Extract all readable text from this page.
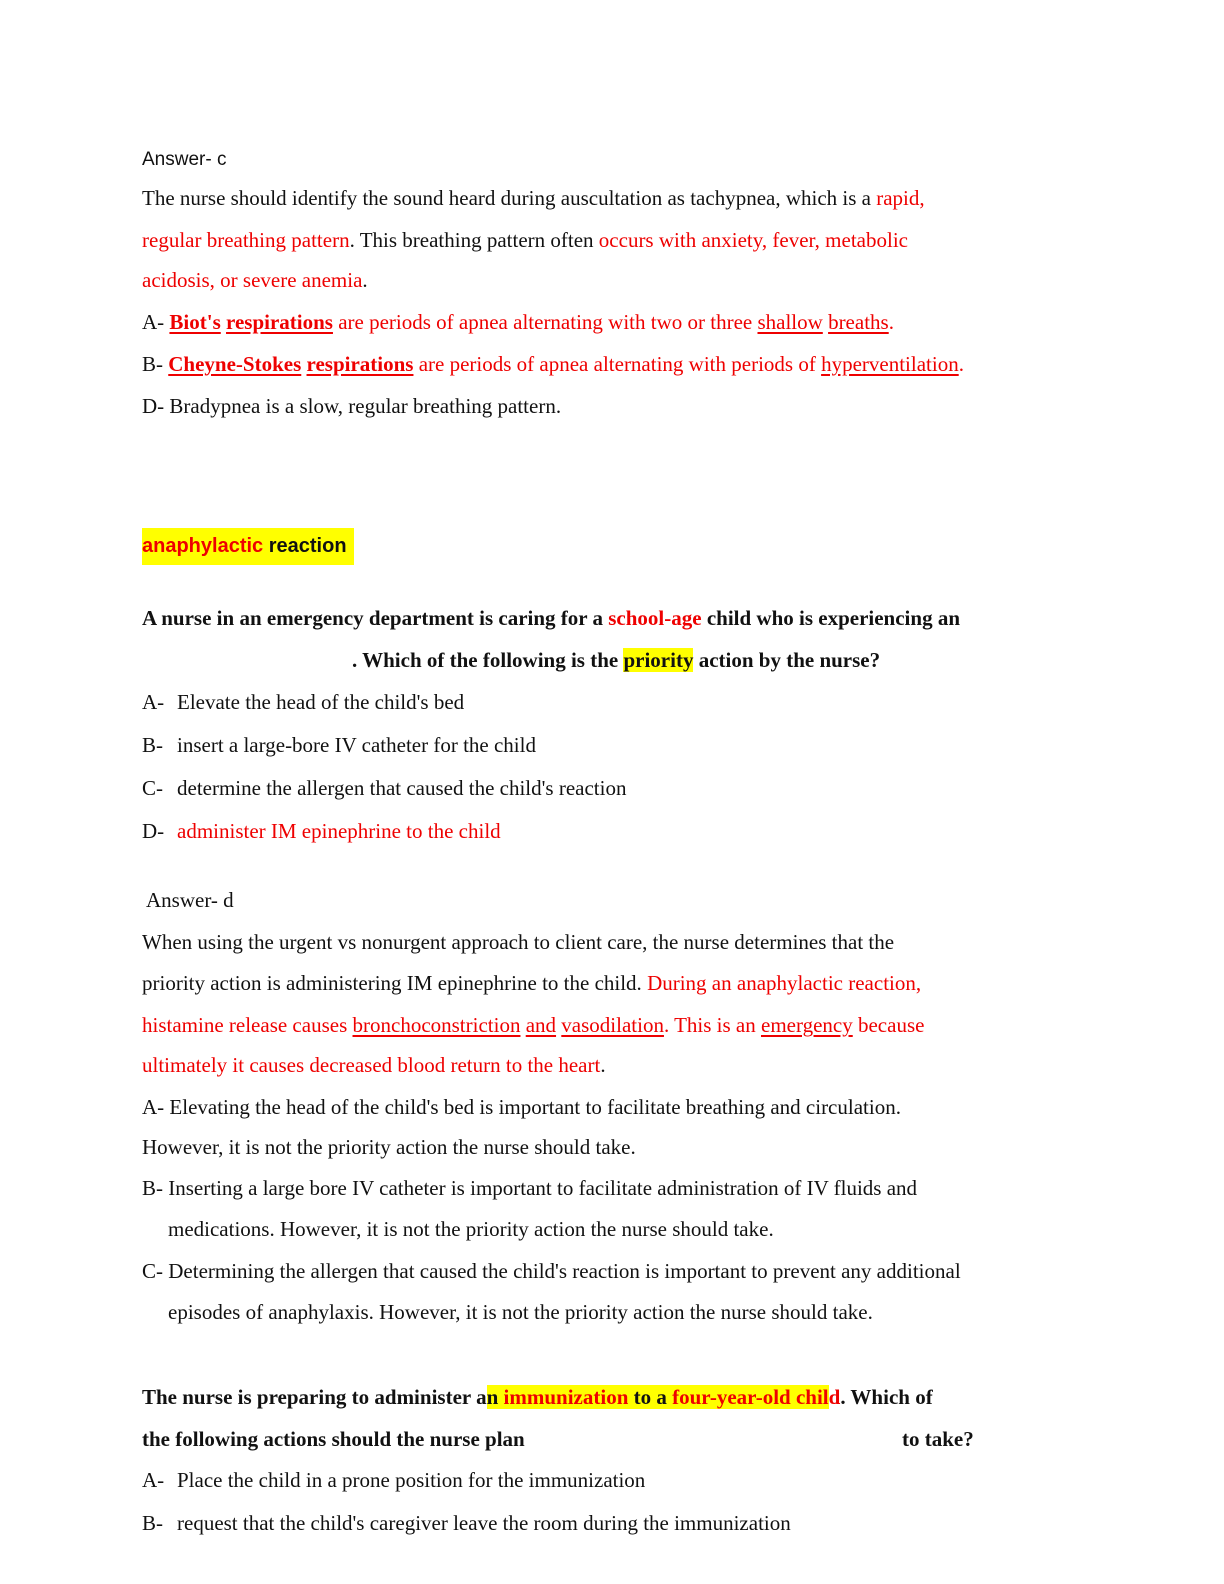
Answer- c
The nurse should identify the sound heard during auscultation as tachypnea, which is a rapid,
regular breathing pattern. This breathing pattern often occurs with anxiety, fever, metabolic
acidosis, or severe anemia.
A- Biot's respirations are periods of apnea alternating with two or three shallow breaths.
B- Cheyne-Stokes respirations are periods of apnea alternating with periods of hyperventilation.
D- Bradypnea is a slow, regular breathing pattern.
anaphylactic reaction
A nurse in an emergency department is caring for a school-age child who is experiencing an
. Which of the following is the priority action by the nurse?
A- Elevate the head of the child's bed
B- insert a large-bore IV catheter for the child
C- determine the allergen that caused the child's reaction
D- administer IM epinephrine to the child
Answer- d
When using the urgent vs nonurgent approach to client care, the nurse determines that the
priority action is administering IM epinephrine to the child. During an anaphylactic reaction,
histamine release causes bronchoconstriction and vasodilation. This is an emergency because
ultimately it causes decreased blood return to the heart.
A- Elevating the head of the child's bed is important to facilitate breathing and circulation.
However, it is not the priority action the nurse should take.
B- Inserting a large bore IV catheter is important to facilitate administration of IV fluids and
medications. However, it is not the priority action the nurse should take.
C- Determining the allergen that caused the child's reaction is important to prevent any additional
episodes of anaphylaxis. However, it is not the priority action the nurse should take.
The nurse is preparing to administer an immunization to a four-year-old child. Which of
the following actions should the nurse plan	to take?
A- Place the child in a prone position for the immunization
B- request that the child's caregiver leave the room during the immunization
